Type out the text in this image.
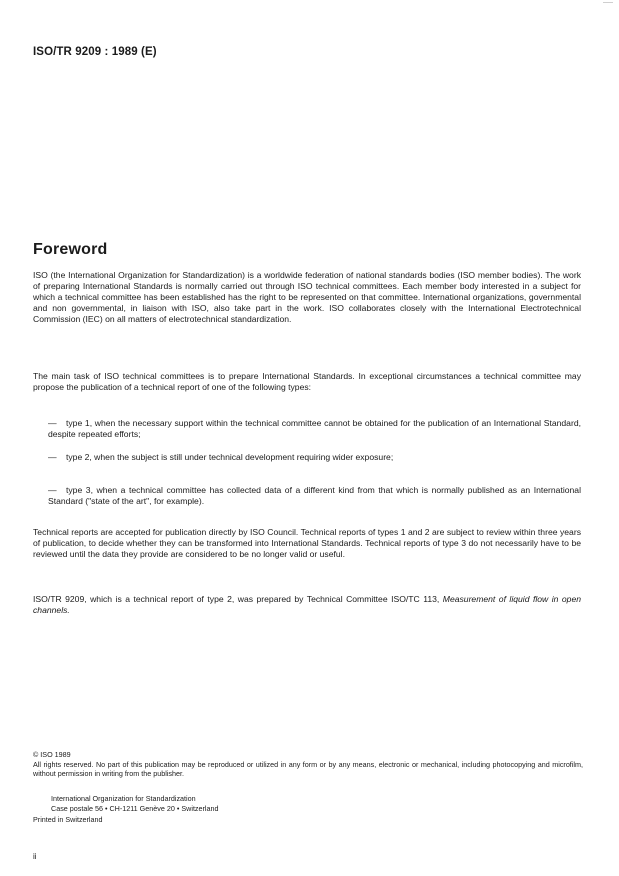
ISO/TR 9209 : 1989 (E)
Foreword
ISO (the International Organization for Standardization) is a worldwide federation of national standards bodies (ISO member bodies). The work of preparing International Standards is normally carried out through ISO technical committees. Each member body interested in a subject for which a technical committee has been established has the right to be represented on that committee. International organizations, governmental and non governmental, in liaison with ISO, also take part in the work. ISO collaborates closely with the International Electrotechnical Commission (IEC) on all matters of electrotechnical standardization.
The main task of ISO technical committees is to prepare International Standards. In exceptional circumstances a technical committee may propose the publication of a technical report of one of the following types:
— type 1, when the necessary support within the technical committee cannot be obtained for the publication of an International Standard, despite repeated efforts;
— type 2, when the subject is still under technical development requiring wider exposure;
— type 3, when a technical committee has collected data of a different kind from that which is normally published as an International Standard ("state of the art", for example).
Technical reports are accepted for publication directly by ISO Council. Technical reports of types 1 and 2 are subject to review within three years of publication, to decide whether they can be transformed into International Standards. Technical reports of type 3 do not necessarily have to be reviewed until the data they provide are considered to be no longer valid or useful.
ISO/TR 9209, which is a technical report of type 2, was prepared by Technical Committee ISO/TC 113, Measurement of liquid flow in open channels.
© ISO 1989
All rights reserved. No part of this publication may be reproduced or utilized in any form or by any means, electronic or mechanical, including photocopying and microfilm, without permission in writing from the publisher.
International Organization for Standardization
Case postale 56 • CH-1211 Genève 20 • Switzerland
Printed in Switzerland
ii
